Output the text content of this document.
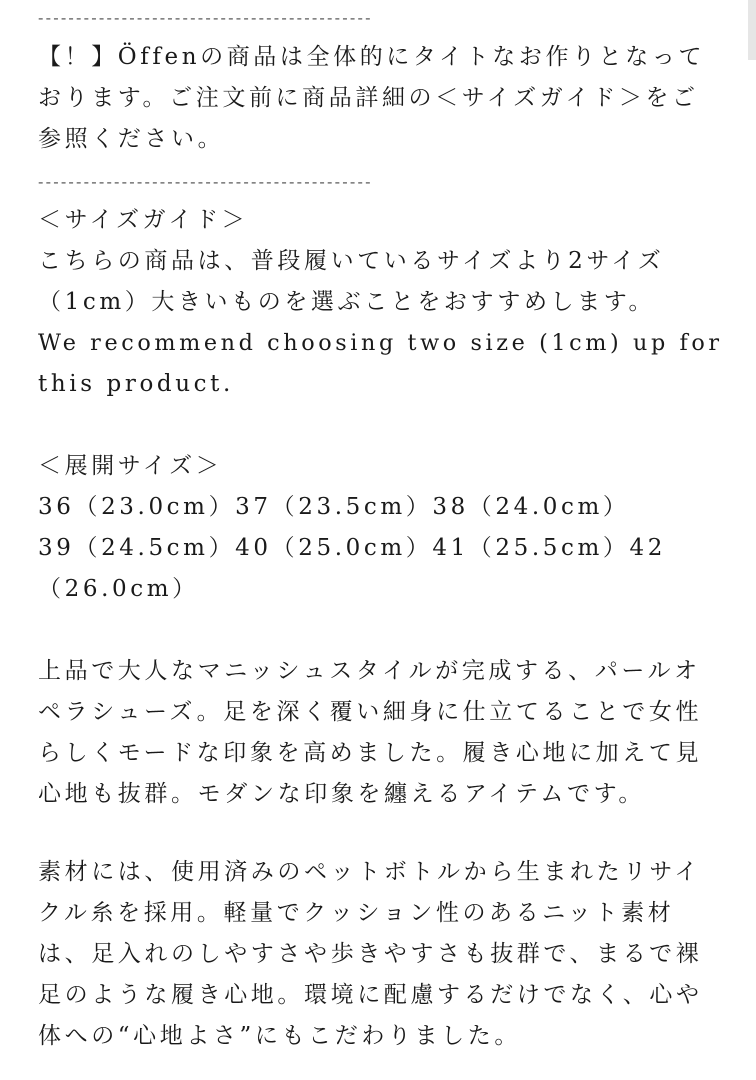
--------------------------------------------
【！】Öffenの商品は全体的にタイトなお作りとなって
おります。ご注文前に商品詳細の＜サイズガイド＞をご
参照ください。
--------------------------------------------
＜サイズガイド＞
こちらの商品は、普段履いているサイズより2サイズ
（1cm）大きいものを選ぶことをおすすめします。
We recommend choosing two size (1cm) up for
this product.
＜展開サイズ＞
36（23.0cm）37（23.5cm）38（24.0cm）
39（24.5cm）40（25.0cm）41（25.5cm）42
（26.0cm）
上品で大人なマニッシュスタイルが完成する、パールオ
ペラシューズ。足を深く覆い細身に仕立てることで女性
らしくモードな印象を高めました。履き心地に加えて見
心地も抜群。モダンな印象を纏えるアイテムです。
素材には、使用済みのペットボトルから生まれたリサイ
クル糸を採用。軽量でクッション性のあるニット素材
は、足入れのしやすさや歩きやすさも抜群で、まるで裸
足のような履き心地。環境に配慮するだけでなく、心や
体への“心地よさ”にもこだわりました。
